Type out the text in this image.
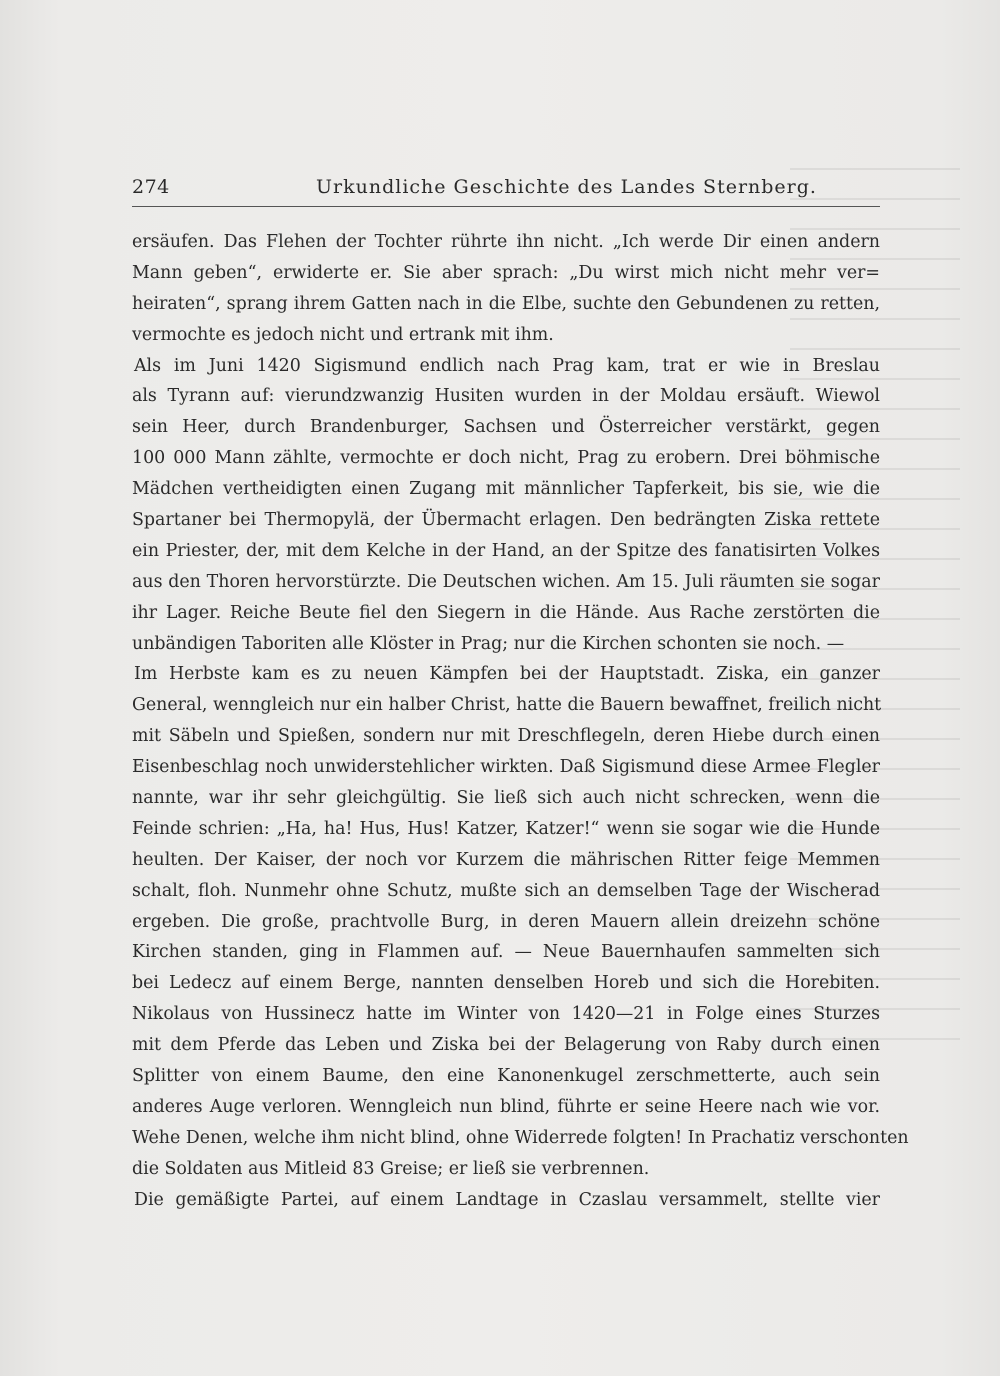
274	Urkundliche Geschichte des Landes Sternberg.
ersäufen. Das Flehen der Tochter rührte ihn nicht. „Ich werde Dir einen andern
Mann geben“, erwiderte er. Sie aber sprach: „Du wirst mich nicht mehr ver=
heiraten“, sprang ihrem Gatten nach in die Elbe, suchte den Gebundenen zu retten,
vermochte es jedoch nicht und ertrank mit ihm.
Als im Juni 1420 Sigismund endlich nach Prag kam, trat er wie in Breslau
als Tyrann auf: vierundzwanzig Husiten wurden in der Moldau ersäuft. Wiewol
sein Heer, durch Brandenburger, Sachsen und Österreicher verstärkt, gegen
100 000 Mann zählte, vermochte er doch nicht, Prag zu erobern. Drei böhmische
Mädchen vertheidigten einen Zugang mit männlicher Tapferkeit, bis sie, wie die
Spartaner bei Thermopylä, der Übermacht erlagen. Den bedrängten Ziska rettete
ein Priester, der, mit dem Kelche in der Hand, an der Spitze des fanatisirten Volkes
aus den Thoren hervorstürzte. Die Deutschen wichen. Am 15. Juli räumten sie sogar
ihr Lager. Reiche Beute fiel den Siegern in die Hände. Aus Rache zerstörten die
unbändigen Taboriten alle Klöster in Prag; nur die Kirchen schonten sie noch. —
Im Herbste kam es zu neuen Kämpfen bei der Hauptstadt. Ziska, ein ganzer
General, wenngleich nur ein halber Christ, hatte die Bauern bewaffnet, freilich nicht
mit Säbeln und Spießen, sondern nur mit Dreschflegeln, deren Hiebe durch einen
Eisenbeschlag noch unwiderstehlicher wirkten. Daß Sigismund diese Armee Flegler
nannte, war ihr sehr gleichgültig. Sie ließ sich auch nicht schrecken, wenn die
Feinde schrien: „Ha, ha! Hus, Hus! Katzer, Katzer!“ wenn sie sogar wie die Hunde
heulten. Der Kaiser, der noch vor Kurzem die mährischen Ritter feige Memmen
schalt, floh. Nunmehr ohne Schutz, mußte sich an demselben Tage der Wischerad
ergeben. Die große, prachtvolle Burg, in deren Mauern allein dreizehn schöne
Kirchen standen, ging in Flammen auf. — Neue Bauernhaufen sammelten sich
bei Ledecz auf einem Berge, nannten denselben Horeb und sich die Horebiten.
Nikolaus von Hussinecz hatte im Winter von 1420—21 in Folge eines Sturzes
mit dem Pferde das Leben und Ziska bei der Belagerung von Raby durch einen
Splitter von einem Baume, den eine Kanonenkugel zerschmetterte, auch sein
anderes Auge verloren. Wenngleich nun blind, führte er seine Heere nach wie vor.
Wehe Denen, welche ihm nicht blind, ohne Widerrede folgten! In Prachatiz verschonten
die Soldaten aus Mitleid 83 Greise; er ließ sie verbrennen.
Die gemäßigte Partei, auf einem Landtage in Czaslau versammelt, stellte vier
